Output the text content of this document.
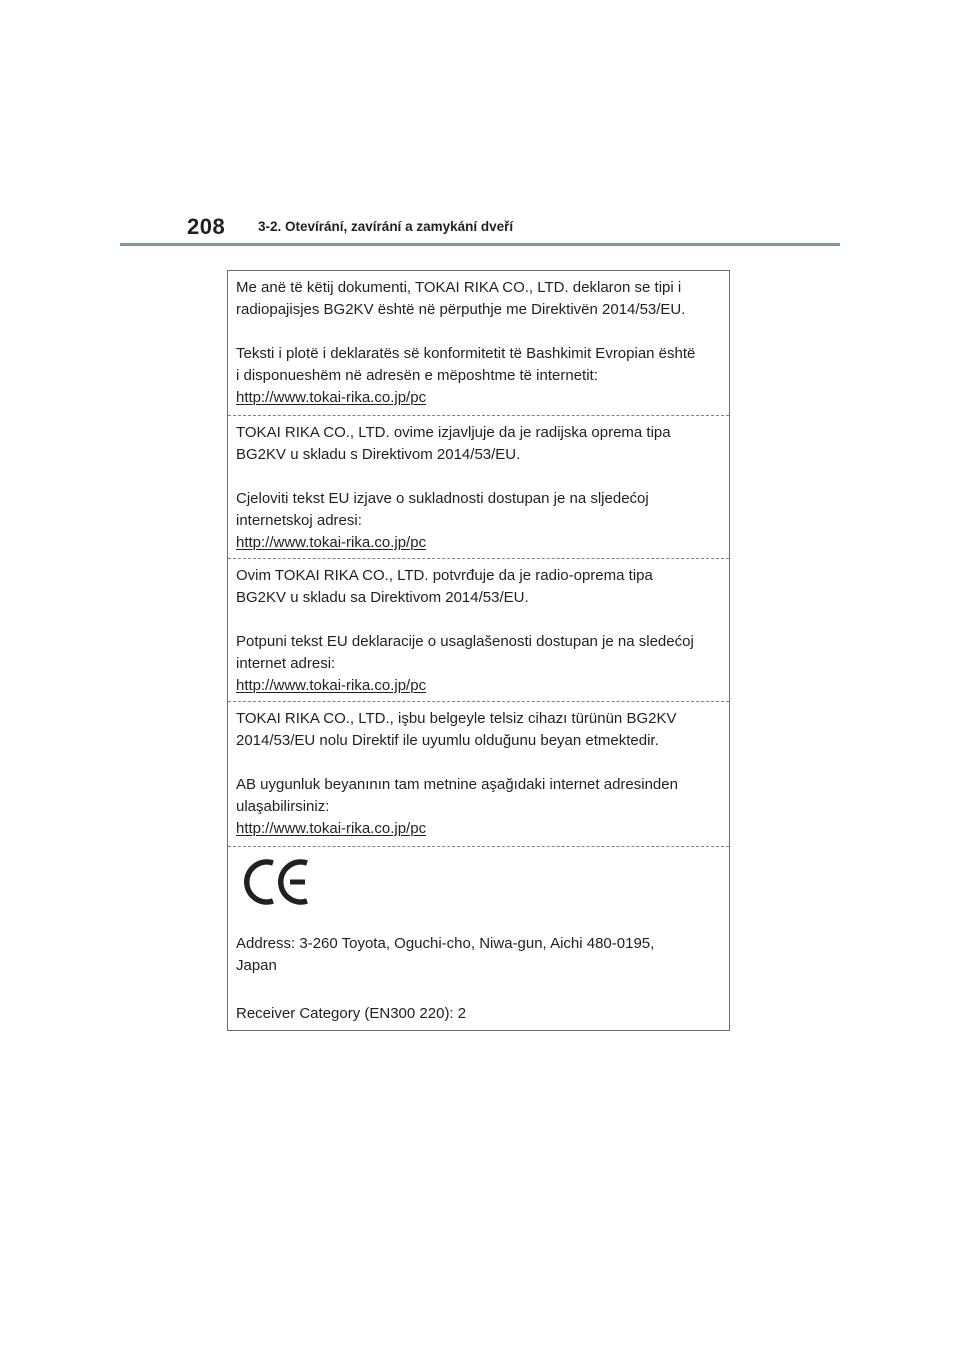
208 3-2. Otevírání, zavírání a zamykání dveří

Me anë të këtij dokumenti, TOKAI RIKA CO., LTD. deklaron se tipi i

radiopajisjes BG2KV është në përputhje me Direktivën 2014/53/EU.

Teksti i plotë i deklaratës së konformitetit të Bashkimit Evropian është

i disponueshëm në adresën e mëposhtme të internetit:

http://www.tokai-rika.co.jp/pc

TOKAI RIKA CO., LTD. ovime izjavljuje da je radijska oprema tipa

BG2KV u skladu s Direktivom 2014/53/EU.

Cjeloviti tekst EU izjave o sukladnosti dostupan je na sljedećoj

internetskoj adresi:

http://www.tokai-rika.co.jp/pc

Ovim TOKAI RIKA CO., LTD. potvrđuje da je radio-oprema tipa

BG2KV u skladu sa Direktivom 2014/53/EU.

Potpuni tekst EU deklaracije o usaglašenosti dostupan je na sledećoj

internet adresi:

http://www.tokai-rika.co.jp/pc

TOKAI RIKA CO., LTD., işbu belgeyle telsiz cihazı türünün BG2KV

2014/53/EU nolu Direktif ile uyumlu olduğunu beyan etmektedir.

AB uygunluk beyanının tam metnine aşağıdaki internet adresinden

ulaşabilirsiniz:

http://www.tokai-rika.co.jp/pc

Address: 3-260 Toyota, Oguchi-cho, Niwa-gun, Aichi 480-0195,

Japan

Receiver Category (EN300 220): 2
